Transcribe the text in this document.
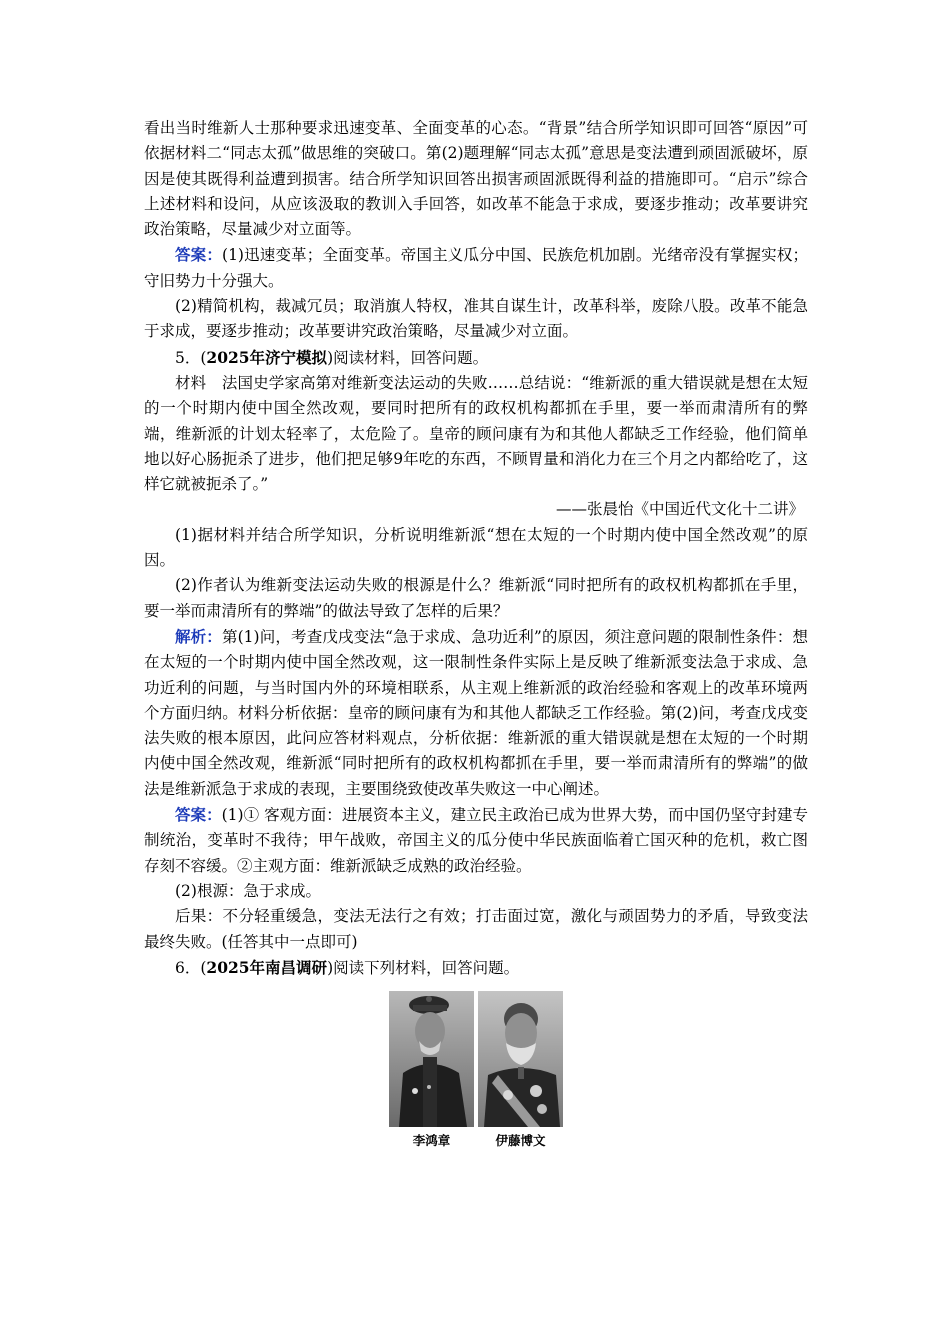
看出当时维新人士那种要求迅速变革、全面变革的心态。“背景”结合所学知识即可回答“原因”可依据材料二“同志太孤”做思维的突破口。第(2)题理解“同志太孤”意思是变法遭到顽固派破坏，原因是使其既得利益遭到损害。结合所学知识回答出损害顽固派既得利益的措施即可。“启示”综合上述材料和设问，从应该汲取的教训入手回答，如改革不能急于求成，要逐步推动；改革要讲究政治策略，尽量减少对立面等。

答案：(1)迅速变革；全面变革。帝国主义瓜分中国、民族危机加剧。光绪帝没有掌握实权；守旧势力十分强大。

(2)精简机构，裁减冗员；取消旗人特权，准其自谋生计，改革科举，废除八股。改革不能急于求成，要逐步推动；改革要讲究政治策略，尽量减少对立面。

5．(2025年济宁模拟)阅读材料，回答问题。

材料　法国史学家高第对维新变法运动的失败……总结说：“维新派的重大错误就是想在太短的一个时期内使中国全然改观，要同时把所有的政权机构都抓在手里，要一举而肃清所有的弊端，维新派的计划太轻率了，太危险了。皇帝的顾问康有为和其他人都缺乏工作经验，他们简单地以好心肠扼杀了进步，他们把足够9年吃的东西，不顾胃量和消化力在三个月之内都给吃了，这样它就被扼杀了。”

——张晨怡《中国近代文化十二讲》

(1)据材料并结合所学知识，分析说明维新派“想在太短的一个时期内使中国全然改观”的原因。

(2)作者认为维新变法运动失败的根源是什么？维新派“同时把所有的政权机构都抓在手里，要一举而肃清所有的弊端”的做法导致了怎样的后果？

解析：第(1)问，考查戊戌变法“急于求成、急功近利”的原因，须注意问题的限制性条件：想在太短的一个时期内使中国全然改观，这一限制性条件实际上是反映了维新派变法急于求成、急功近利的问题，与当时国内外的环境相联系，从主观上维新派的政治经验和客观上的改革环境两个方面归纳。材料分析依据：皇帝的顾问康有为和其他人都缺乏工作经验。第(2)问，考查戊戌变法失败的根本原因，此问应答材料观点，分析依据：维新派的重大错误就是想在太短的一个时期内使中国全然改观，维新派“同时把所有的政权机构都抓在手里，要一举而肃清所有的弊端”的做法是维新派急于求成的表现，主要围绕致使改革失败这一中心阐述。

答案：(1)① 客观方面：进展资本主义，建立民主政治已成为世界大势，而中国仍坚守封建专制统治，变革时不我待；甲午战败，帝国主义的瓜分使中华民族面临着亡国灭种的危机，救亡图存刻不容缓。②主观方面：维新派缺乏成熟的政治经验。

(2)根源：急于求成。

后果：不分轻重缓急，变法无法行之有效；打击面过宽，激化与顽固势力的矛盾，导致变法最终失败。(任答其中一点即可)

6．(2025年南昌调研)阅读下列材料，回答问题。

李鸿章	伊藤博文
